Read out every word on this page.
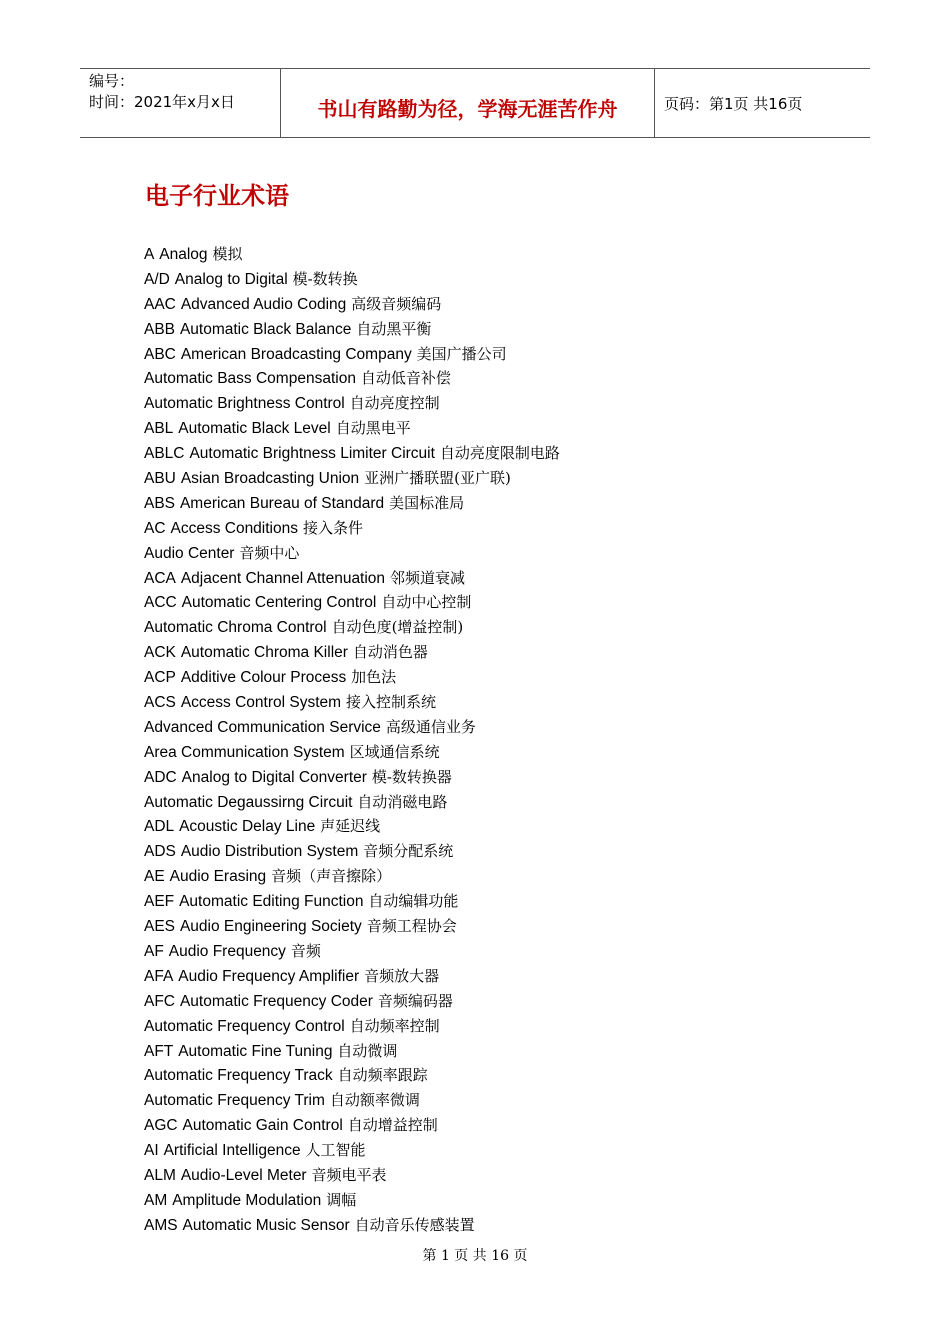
编号：
时间：2021年x月x日	书山有路勤为径，学海无涯苦作舟	页码：第1页 共16页
电子行业术语
A Analog 模拟
A/D Analog to Digital 模-数转换
AAC Advanced Audio Coding 高级音频编码
ABB Automatic Black Balance 自动黑平衡
ABC American Broadcasting Company 美国广播公司
Automatic Bass Compensation 自动低音补偿
Automatic Brightness Control 自动亮度控制
ABL Automatic Black Level 自动黑电平
ABLC Automatic Brightness Limiter Circuit 自动亮度限制电路
ABU Asian Broadcasting Union 亚洲广播联盟(亚广联)
ABS American Bureau of Standard 美国标准局
AC Access Conditions 接入条件
Audio Center 音频中心
ACA Adjacent Channel Attenuation 邻频道衰减
ACC Automatic Centering Control 自动中心控制
Automatic Chroma Control 自动色度(增益控制)
ACK Automatic Chroma Killer 自动消色器
ACP Additive Colour Process 加色法
ACS Access Control System 接入控制系统
Advanced Communication Service 高级通信业务
Area Communication System 区域通信系统
ADC Analog to Digital Converter 模-数转换器
Automatic Degaussirng Circuit 自动消磁电路
ADL Acoustic Delay Line 声延迟线
ADS Audio Distribution System 音频分配系统
AE Audio Erasing 音频（声音擦除）
AEF Automatic Editing Function 自动编辑功能
AES Audio Engineering Society 音频工程协会
AF Audio Frequency 音频
AFA Audio Frequency Amplifier 音频放大器
AFC Automatic Frequency Coder 音频编码器
Automatic Frequency Control 自动频率控制
AFT Automatic Fine Tuning 自动微调
Automatic Frequency Track 自动频率跟踪
Automatic Frequency Trim 自动额率微调
AGC Automatic Gain Control 自动增益控制
AI Artificial Intelligence 人工智能
ALM Audio-Level Meter 音频电平表
AM Amplitude Modulation 调幅
AMS Automatic Music Sensor 自动音乐传感装置
第 1 页 共 16 页
